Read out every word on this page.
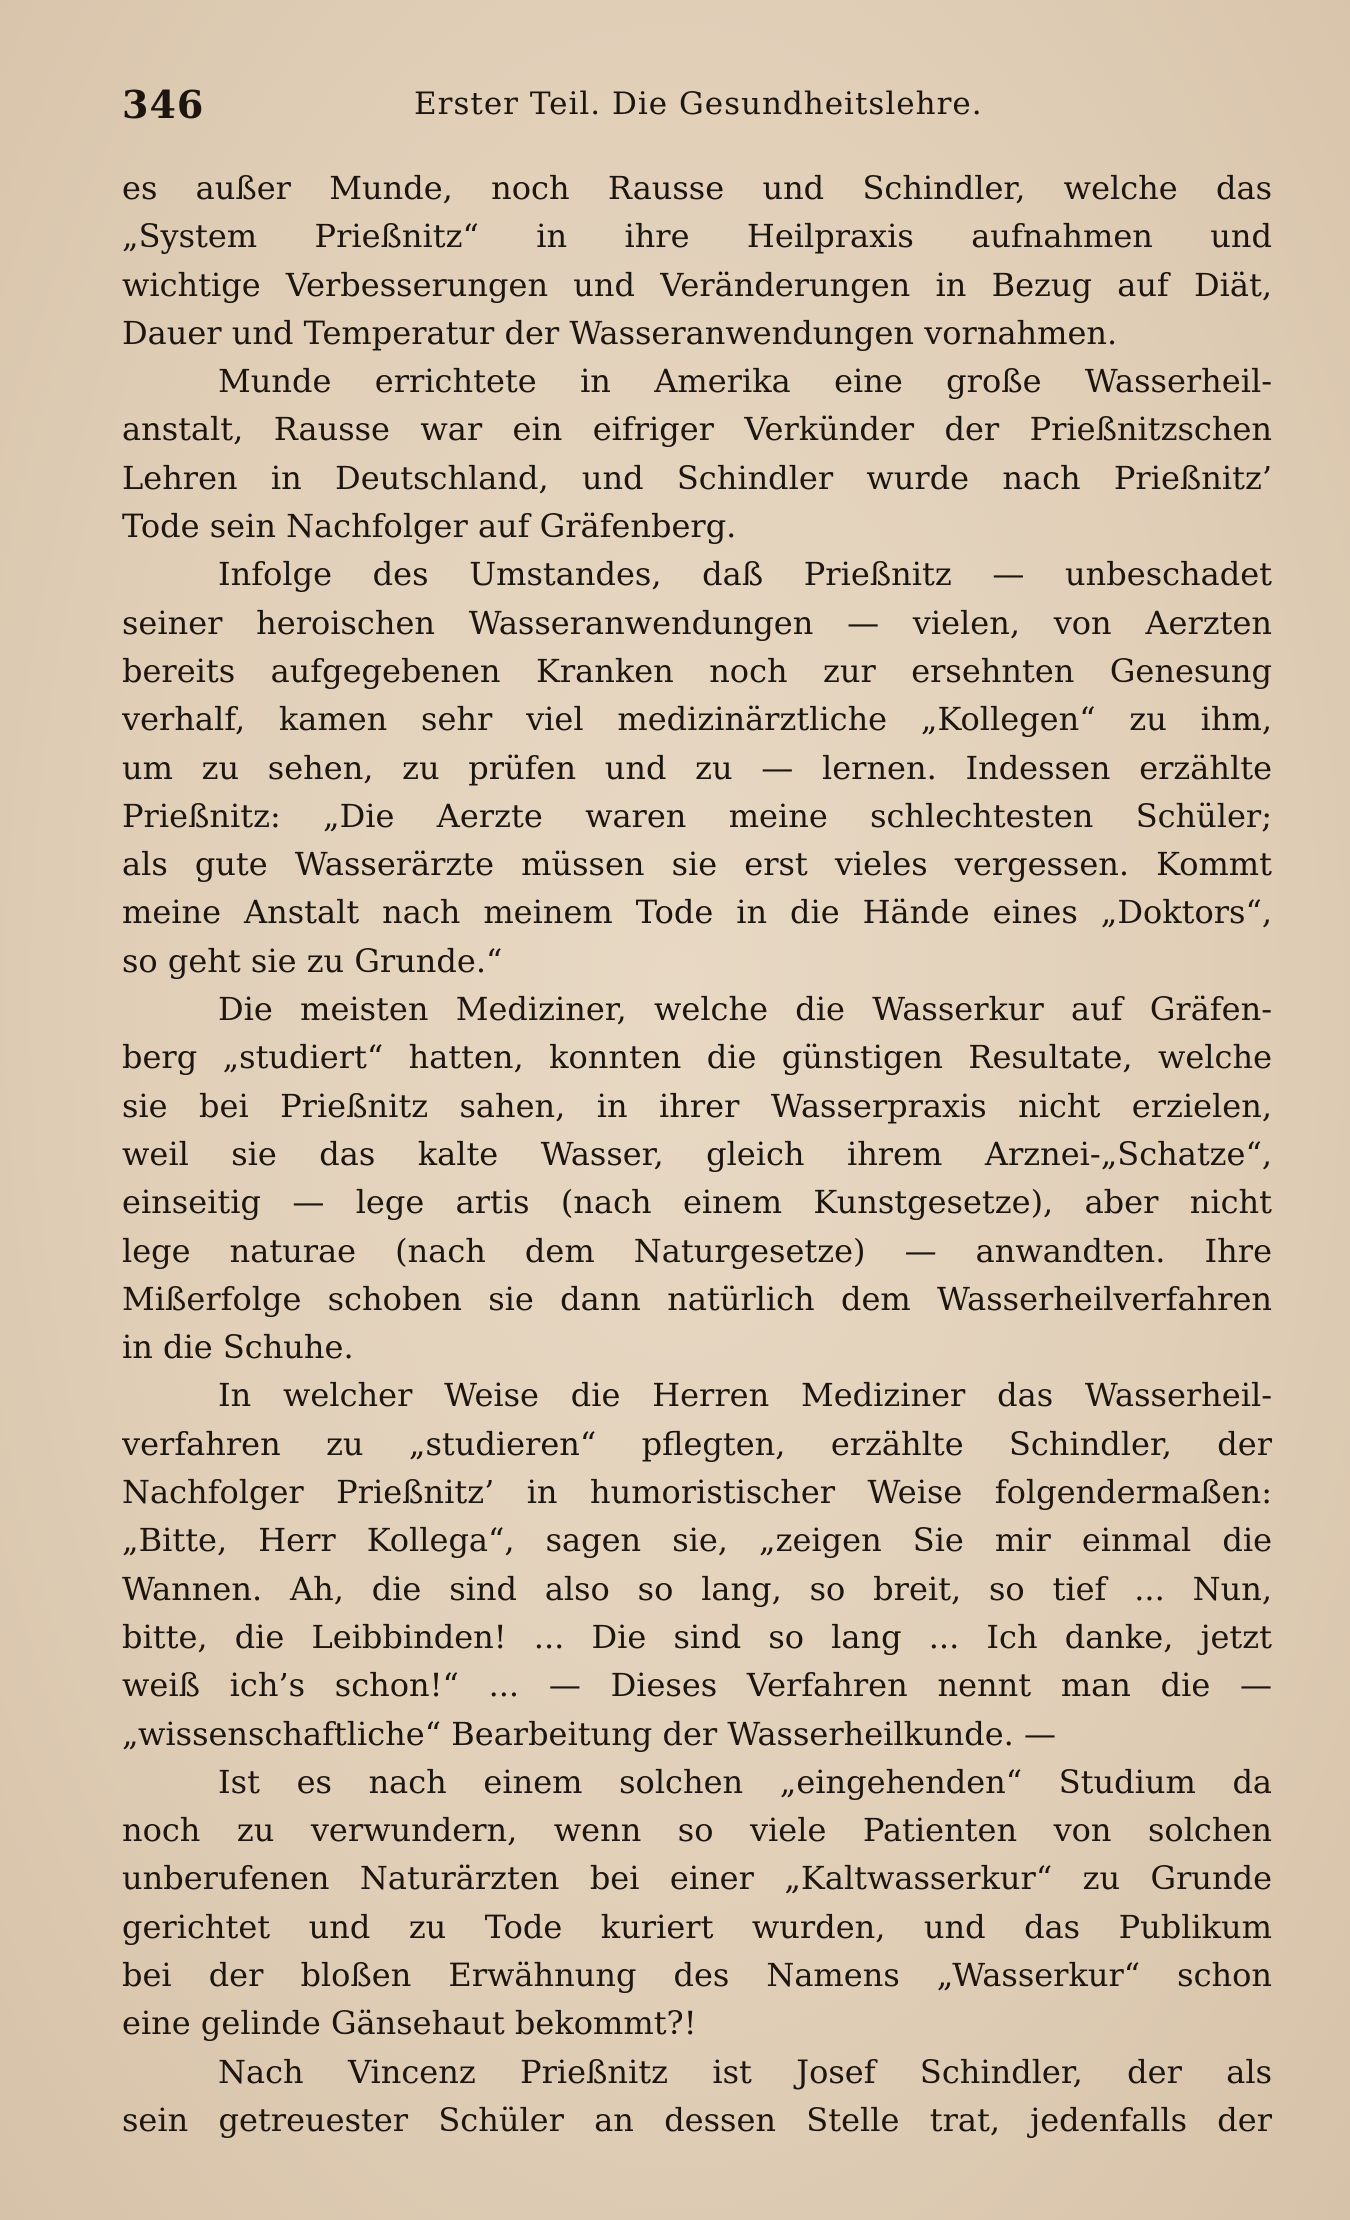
346	Erster Teil. Die Gesundheitslehre.
es außer Munde, noch Rausse und Schindler, welche das
„System Prießnitz“ in ihre Heilpraxis aufnahmen und
wichtige Verbesserungen und Veränderungen in Bezug auf Diät,
Dauer und Temperatur der Wasseranwendungen vornahmen.
Munde errichtete in Amerika eine große Wasserheil-
anstalt, Rausse war ein eifriger Verkünder der Prießnitzschen
Lehren in Deutschland, und Schindler wurde nach Prießnitz’
Tode sein Nachfolger auf Gräfenberg.
Infolge des Umstandes, daß Prießnitz — unbeschadet
seiner heroischen Wasseranwendungen — vielen, von Aerzten
bereits aufgegebenen Kranken noch zur ersehnten Genesung
verhalf, kamen sehr viel medizinärztliche „Kollegen“ zu ihm,
um zu sehen, zu prüfen und zu — lernen. Indessen erzählte
Prießnitz: „Die Aerzte waren meine schlechtesten Schüler;
als gute Wasserärzte müssen sie erst vieles vergessen. Kommt
meine Anstalt nach meinem Tode in die Hände eines „Doktors“,
so geht sie zu Grunde.“
Die meisten Mediziner, welche die Wasserkur auf Gräfen-
berg „studiert“ hatten, konnten die günstigen Resultate, welche
sie bei Prießnitz sahen, in ihrer Wasserpraxis nicht erzielen,
weil sie das kalte Wasser, gleich ihrem Arznei-„Schatze“,
einseitig — lege artis (nach einem Kunstgesetze), aber nicht
lege naturae (nach dem Naturgesetze) — anwandten. Ihre
Mißerfolge schoben sie dann natürlich dem Wasserheilverfahren
in die Schuhe.
In welcher Weise die Herren Mediziner das Wasserheil-
verfahren zu „studieren“ pflegten, erzählte Schindler, der
Nachfolger Prießnitz’ in humoristischer Weise folgendermaßen:
„Bitte, Herr Kollega“, sagen sie, „zeigen Sie mir einmal die
Wannen. Ah, die sind also so lang, so breit, so tief ... Nun,
bitte, die Leibbinden! ... Die sind so lang ... Ich danke, jetzt
weiß ich’s schon!“ ... — Dieses Verfahren nennt man die —
„wissenschaftliche“ Bearbeitung der Wasserheilkunde. —
Ist es nach einem solchen „eingehenden“ Studium da
noch zu verwundern, wenn so viele Patienten von solchen
unberufenen Naturärzten bei einer „Kaltwasserkur“ zu Grunde
gerichtet und zu Tode kuriert wurden, und das Publikum
bei der bloßen Erwähnung des Namens „Wasserkur“ schon
eine gelinde Gänsehaut bekommt?!
Nach Vincenz Prießnitz ist Josef Schindler, der als
sein getreuester Schüler an dessen Stelle trat, jedenfalls der
